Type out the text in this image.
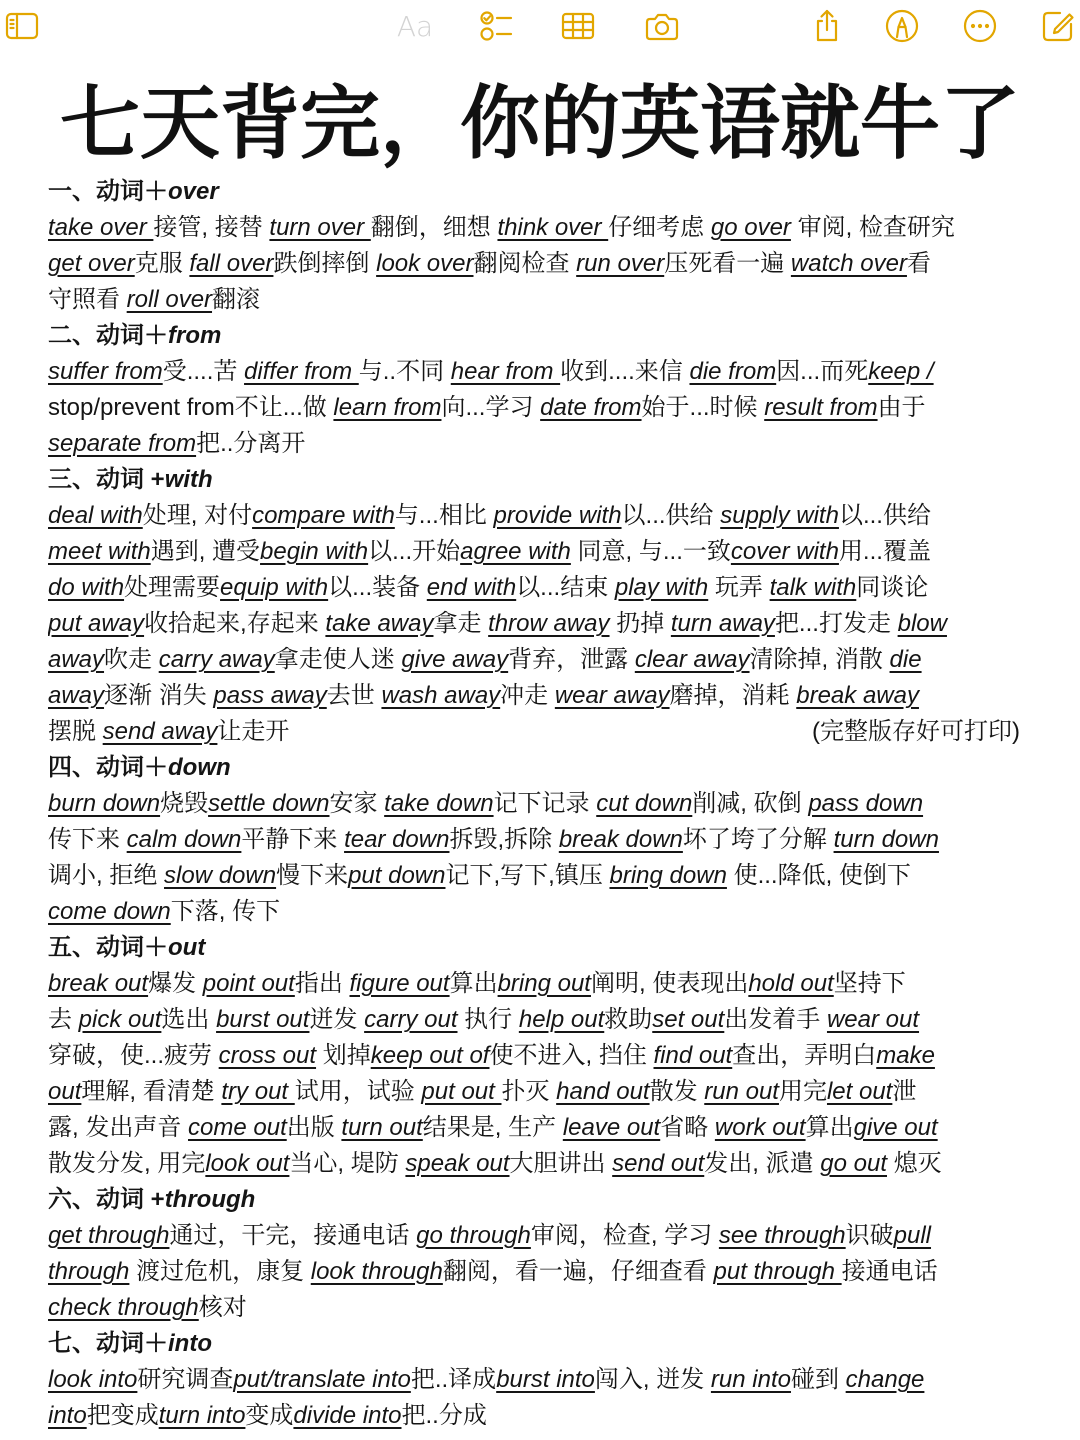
Aa
七天背完，你的英语就牛了
一、动词＋over
take over 接管, 接替 turn over 翻倒，细想 think over 仔细考虑 go over 审阅, 检查研究
get over克服 fall over跌倒摔倒 look over翻阅检查 run over压死看一遍 watch over看
守照看 roll over翻滚
二、动词＋from
suffer from受....苦 differ from 与..不同 hear from 收到....来信 die from因...而死keep /
stop/prevent from不让...做 learn from向...学习 date from始于...时候 result from由于
separate from把..分离开
三、动词 +with
deal with处理, 对付compare with与...相比 provide with以...供给 supply with以...供给
meet with遇到, 遭受begin with以...开始agree with 同意, 与...一致cover with用...覆盖
do with处理需要equip with以...装备 end with以...结束 play with 玩弄 talk with同谈论
put away收拾起来,存起来 take away拿走 throw away 扔掉 turn away把...打发走 blow
away吹走 carry away拿走使人迷 give away背弃，泄露 clear away清除掉, 消散 die
away逐渐 消失 pass away去世 wash away冲走 wear away磨掉，消耗 break away
摆脱 send away让走开	(完整版存好可打印)
四、动词＋down
burn down烧毁settle down安家 take down记下记录 cut down削减, 砍倒 pass down
传下来 calm down平静下来 tear down拆毁,拆除 break down坏了垮了分解 turn down
调小, 拒绝 slow down慢下来put down记下,写下,镇压 bring down 使...降低, 使倒下
come down下落, 传下
五、动词＋out
break out爆发 point out指出 figure out算出bring out阐明, 使表现出hold out坚持下
去 pick out选出 burst out迸发 carry out 执行 help out救助set out出发着手 wear out
穿破，使...疲劳 cross out 划掉keep out of使不进入, 挡住 find out查出，弄明白make
out理解, 看清楚 try out 试用，试验 put out 扑灭 hand out散发 run out用完let out泄
露, 发出声音 come out出版 turn out结果是, 生产 leave out省略 work out算出give out
散发分发, 用完look out当心, 堤防 speak out大胆讲出 send out发出, 派遣 go out 熄灭
六、动词 +through
get through通过，干完，接通电话 go through审阅，检查, 学习 see through识破pull
through 渡过危机，康复 look through翻阅，看一遍，仔细查看 put through 接通电话
check through核对
七、动词＋into
look into研究调查put/translate into把..译成burst into闯入, 迸发 run into碰到 change
into把变成turn into变成divide into把..分成
